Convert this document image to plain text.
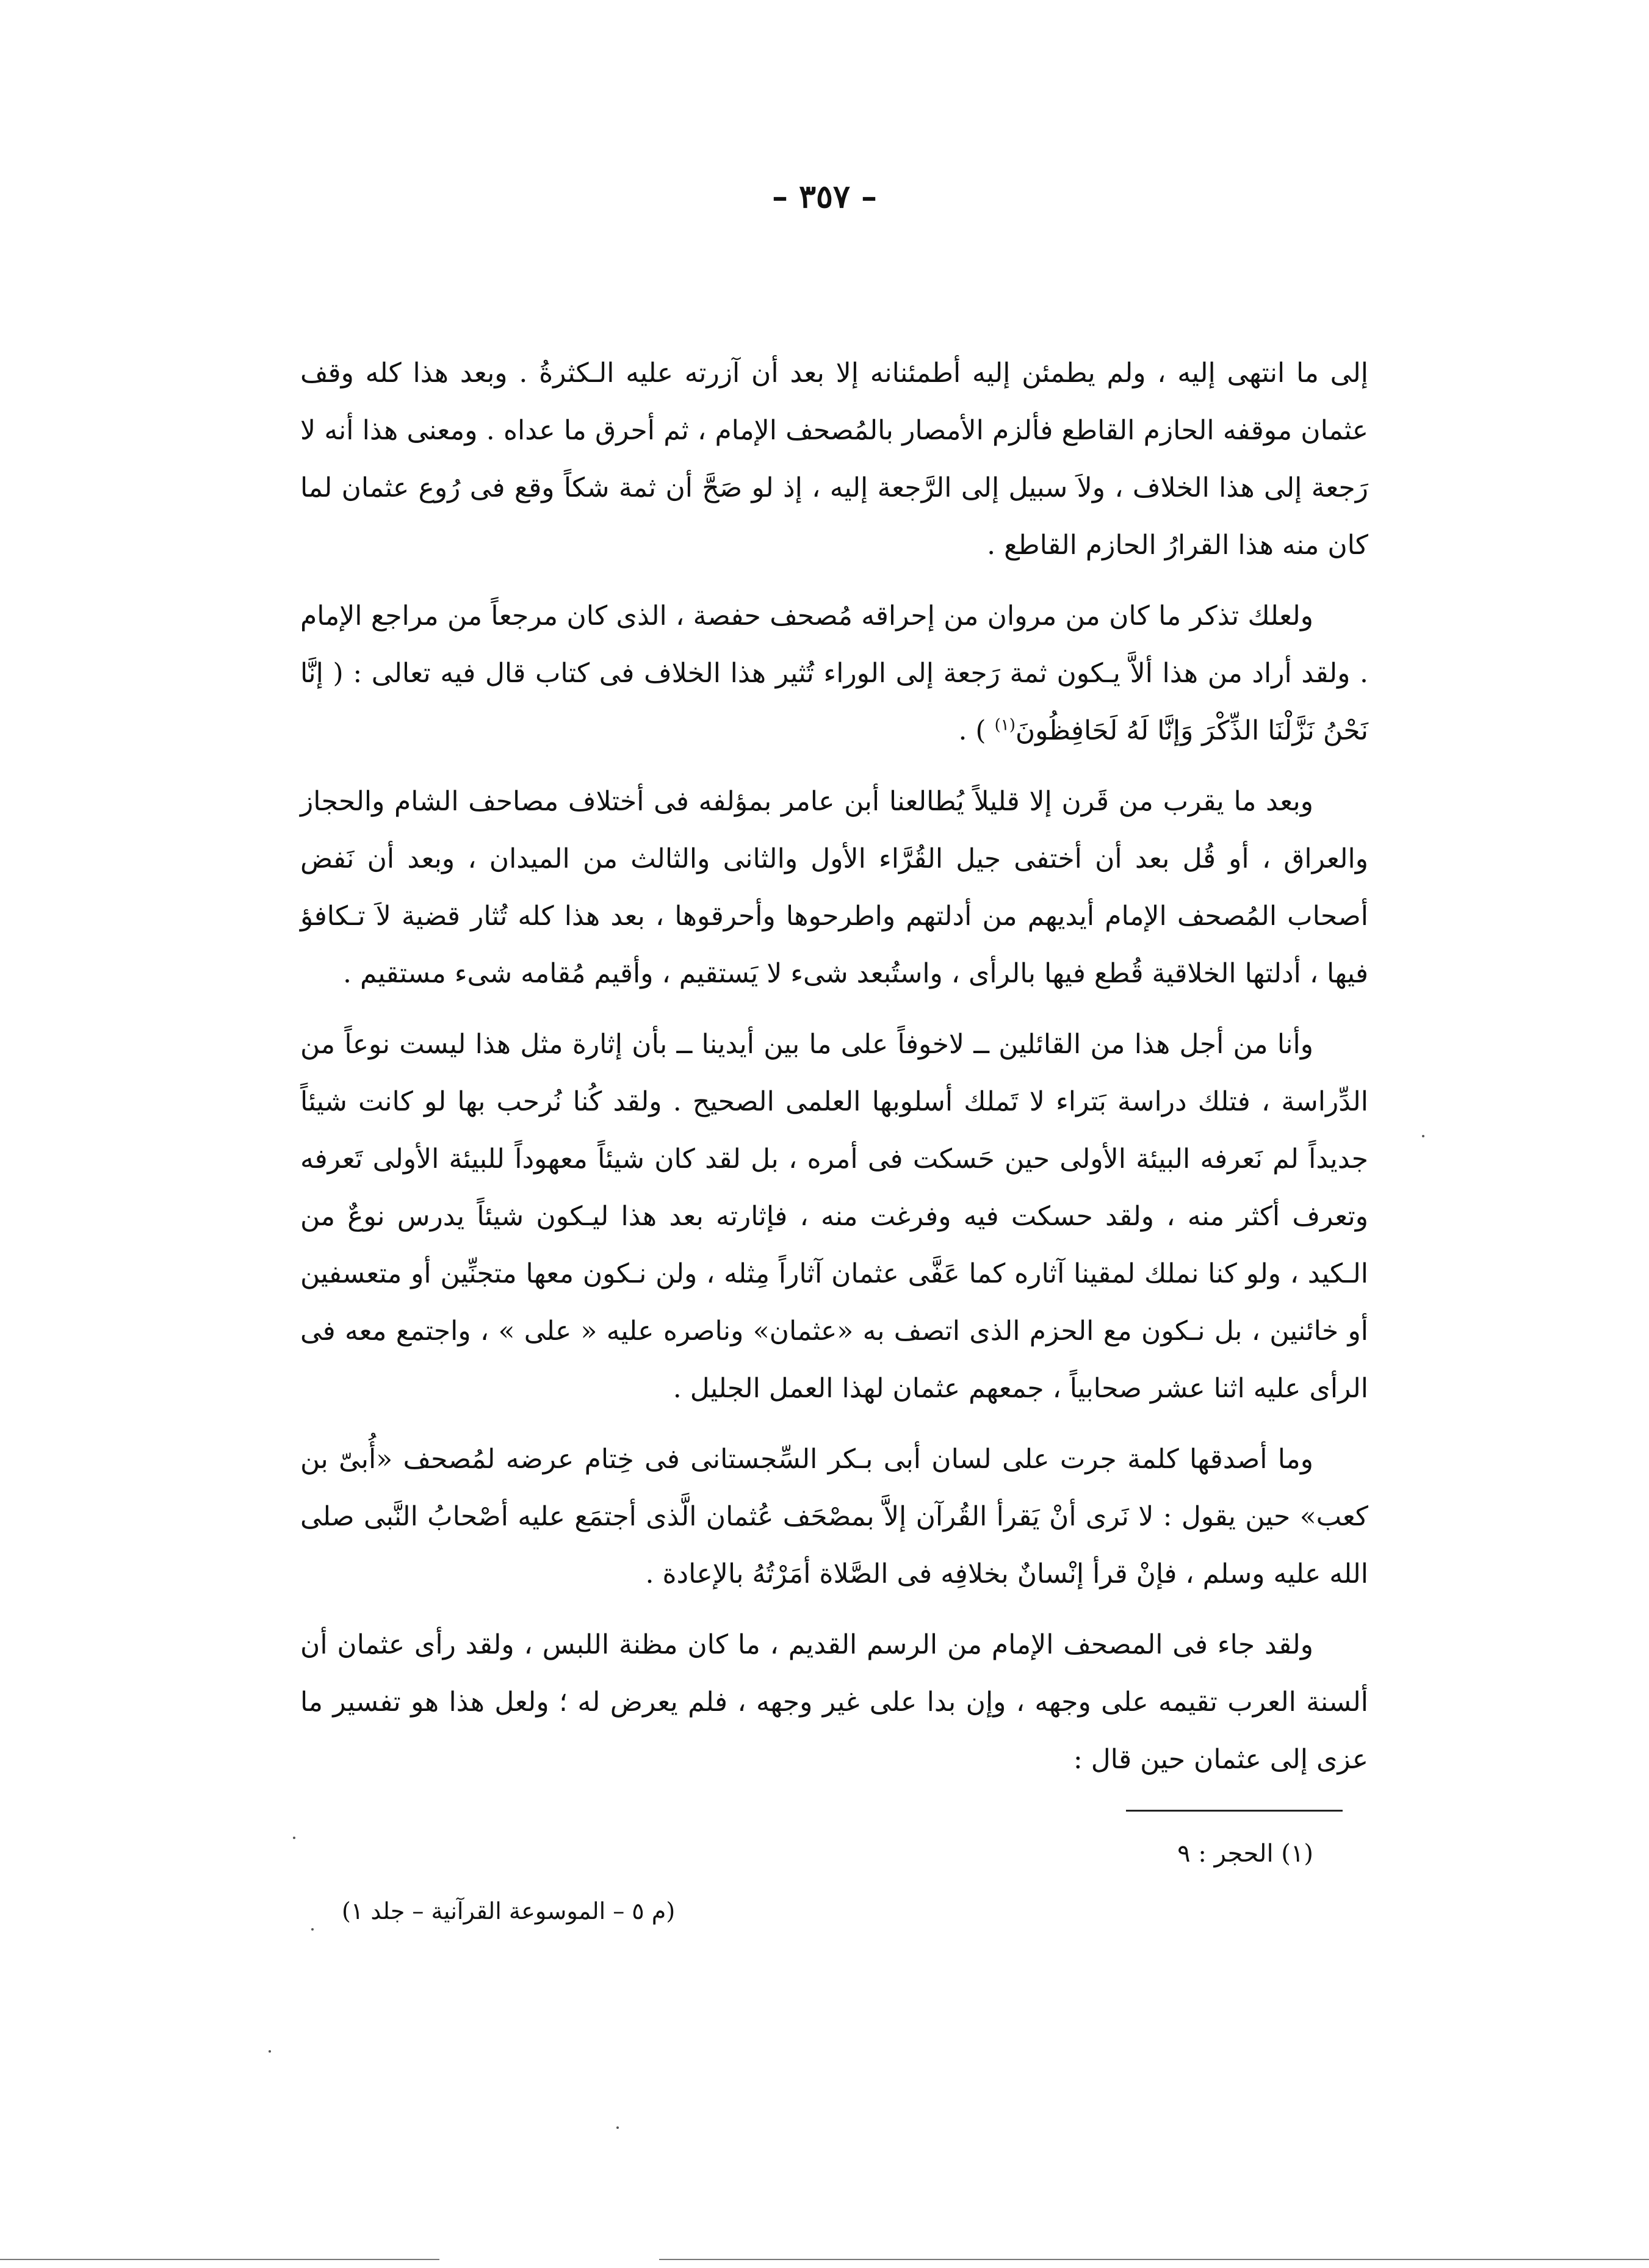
– ٣٥٧ –

إلى ما انتهى إليه ، ولم يطمئن إليه أطمئنانه إلا بعد أن آزرته عليه الـكثرةُ . وبعد هذا كله وقف عثمان موقفه الحازم القاطع فألزم الأمصار بالمُصحف الإمام ، ثم أحرق ما عداه . ومعنى هذا أنه لا رَجعة إلى هذا الخلاف ، ولاَ سبيل إلى الرَّجعة إليه ، إذ لو صَحَّ أن ثمة شكاً وقع فى رُوع عثمان لما كان منه هذا القرارُ الحازم القاطع .

ولعلك تذكر ما كان من مروان من إحراقه مُصحف حفصة ، الذى كان مرجعاً من مراجع الإمام . ولقد أراد من هذا ألاَّ يـكون ثمة رَجعة إلى الوراء تُثير هذا الخلاف فى كتاب قال فيه تعالى : ( إنَّا نَحْنُ نَزَّلْنَا الذِّكْرَ وَإنَّا لَهُ لَحَافِظُونَ$^{(١)}$ ) .

وبعد ما يقرب من قَرن إلا قليلاً يُطالعنا أبن عامر بمؤلفه فى أختلاف مصاحف الشام والحجاز والعراق ، أو قُل بعد أن أختفى جيل القُرَّاء الأول والثانى والثالث من الميدان ، وبعد أن نَفض أصحاب المُصحف الإمام أيديهم من أدلتهم واطرحوها وأحرقوها ، بعد هذا كله تُثار قضية لاَ تـكافؤ فيها ، أدلتها الخلاقية قُطع فيها بالرأى ، واستُبعد شىء لا يَستقيم ، وأقيم مُقامه شىء مستقيم .

وأنا من أجل هذا من القائلين ــ لاخوفاً على ما بين أيدينا ــ بأن إثارة مثل هذا ليست نوعاً من الدِّراسة ، فتلك دراسة بَتراء لا تَملك أسلوبها العلمى الصحيح . ولقد كُنا نُرحب بها لو كانت شيئاً جديداً لم نَعرفه البيئة الأولى حين حَسكت فى أمره ، بل لقد كان شيئاً معهوداً للبيئة الأولى تَعرفه وتعرف أكثر منه ، ولقد حسكت فيه وفرغت منه ، فإثارته بعد هذا ليـكون شيئاً يدرس نوعٌ من الـكيد ، ولو كنا نملك لمقينا آثاره كما عَفَّى عثمان آثاراً مِثله ، ولن نـكون معها متجنِّين أو متعسفين أو خائنين ، بل نـكون مع الحزم الذى اتصف به «عثمان» وناصره عليه « على » ، واجتمع معه فى الرأى عليه اثنا عشر صحابياً ، جمعهم عثمان لهذا العمل الجليل .

وما أصدقها كلمة جرت على لسان أبى بـكر السِّجستانى فى خِتام عرضه لمُصحف «أُبىّ بن كعب» حين يقول : لا نَرى أنْ يَقرأ القُرآن إلاَّ بمصْحَف عُثمان الَّذى أجتمَع عليه أصْحابُ النَّبى صلى الله عليه وسلم ، فإنْ قرأ إنْسانٌ بخلافِه فى الصَّلاة أمَرْتُهُ بالإعادة .

ولقد جاء فى المصحف الإمام من الرسم القديم ، ما كان مظنة اللبس ، ولقد رأى عثمان أن ألسنة العرب تقيمه على وجهه ، وإن بدا على غير وجهه ، فلم يعرض له ؛ ولعل هذا هو تفسير ما عزى إلى عثمان حين قال :

(١) الحجر : ٩
(م ٥ – الموسوعة القرآنية – جلد ١)
